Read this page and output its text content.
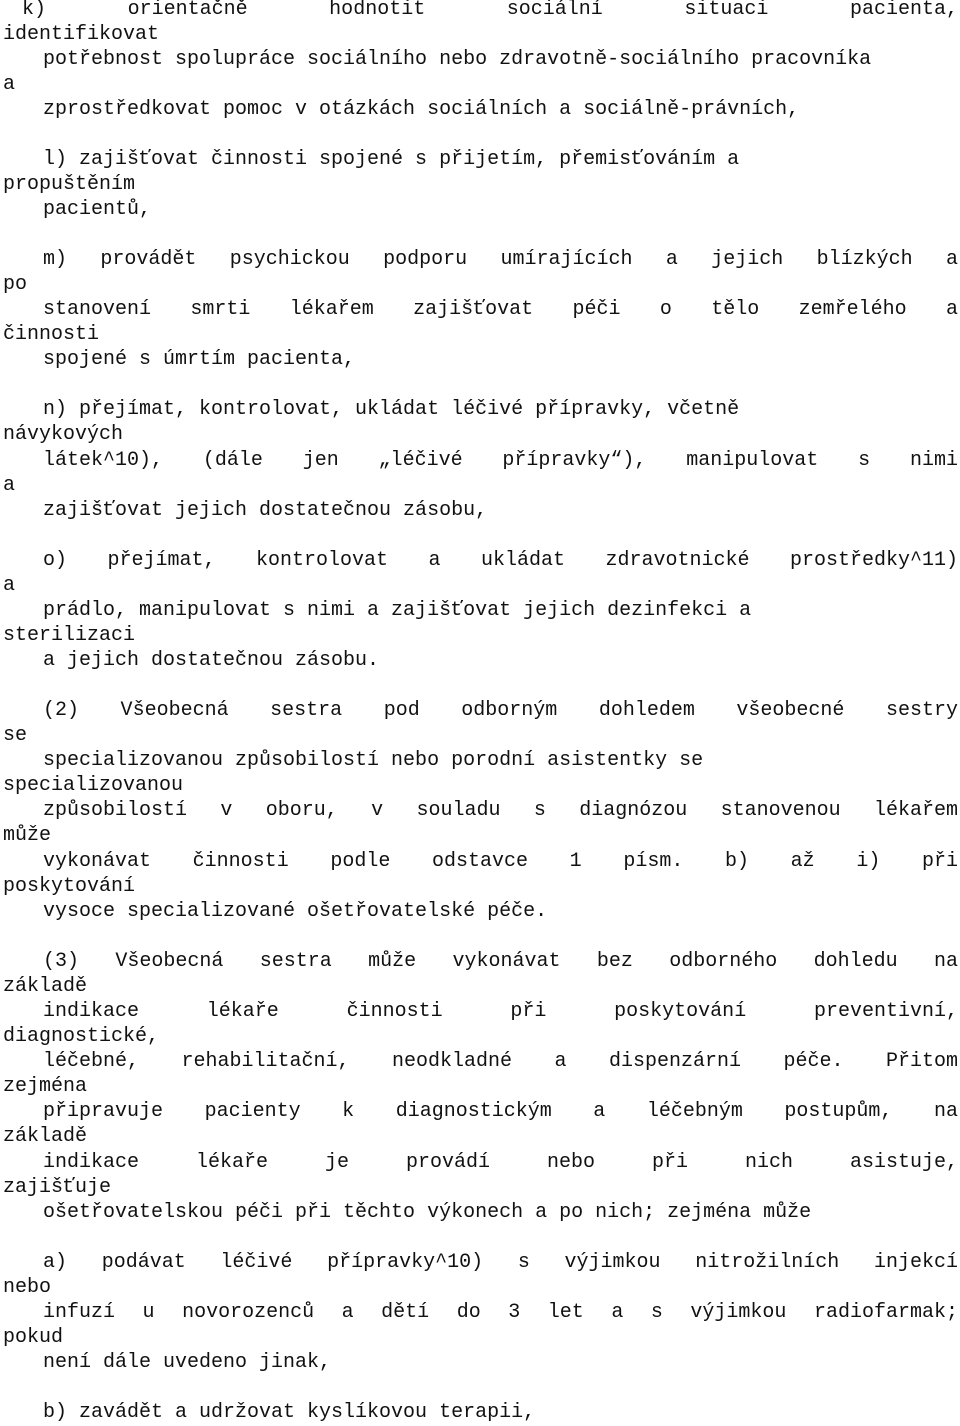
k) orientačně hodnotit sociální situaci pacienta,
identifikovat
potřebnost spolupráce sociálního nebo zdravotně-sociálního pracovníka
a
zprostředkovat pomoc v otázkách sociálních a sociálně-právních,
l) zajišťovat činnosti spojené s přijetím, přemisťováním a
propuštěním
pacientů,
m) provádět psychickou podporu umírajících a jejich blízkých a
po
stanovení smrti lékařem zajišťovat péči o tělo zemřelého a
činnosti
spojené s úmrtím pacienta,
n) přejímat, kontrolovat, ukládat léčivé přípravky, včetně
návykových
látek^10), (dále jen „léčivé přípravky“), manipulovat s nimi
a
zajišťovat jejich dostatečnou zásobu,
o) přejímat, kontrolovat a ukládat zdravotnické prostředky^11)
a
prádlo, manipulovat s nimi a zajišťovat jejich dezinfekci a
sterilizaci
a jejich dostatečnou zásobu.
(2) Všeobecná sestra pod odborným dohledem všeobecné sestry
se
specializovanou způsobilostí nebo porodní asistentky se
specializovanou
způsobilostí v oboru, v souladu s diagnózou stanovenou lékařem
může
vykonávat činnosti podle odstavce 1 písm. b) až i) při
poskytování
vysoce specializované ošetřovatelské péče.
(3) Všeobecná sestra může vykonávat bez odborného dohledu na
základě
indikace lékaře činnosti při poskytování preventivní,
diagnostické,
léčebné, rehabilitační, neodkladné a dispenzární péče. Přitom
zejména
připravuje pacienty k diagnostickým a léčebným postupům, na
základě
indikace lékaře je provádí nebo při nich asistuje,
zajišťuje
ošetřovatelskou péči při těchto výkonech a po nich; zejména může
a) podávat léčivé přípravky^10) s výjimkou nitrožilních injekcí
nebo
infuzí u novorozenců a dětí do 3 let a s výjimkou radiofarmak;
pokud
není dále uvedeno jinak,
b) zavádět a udržovat kyslíkovou terapii,
